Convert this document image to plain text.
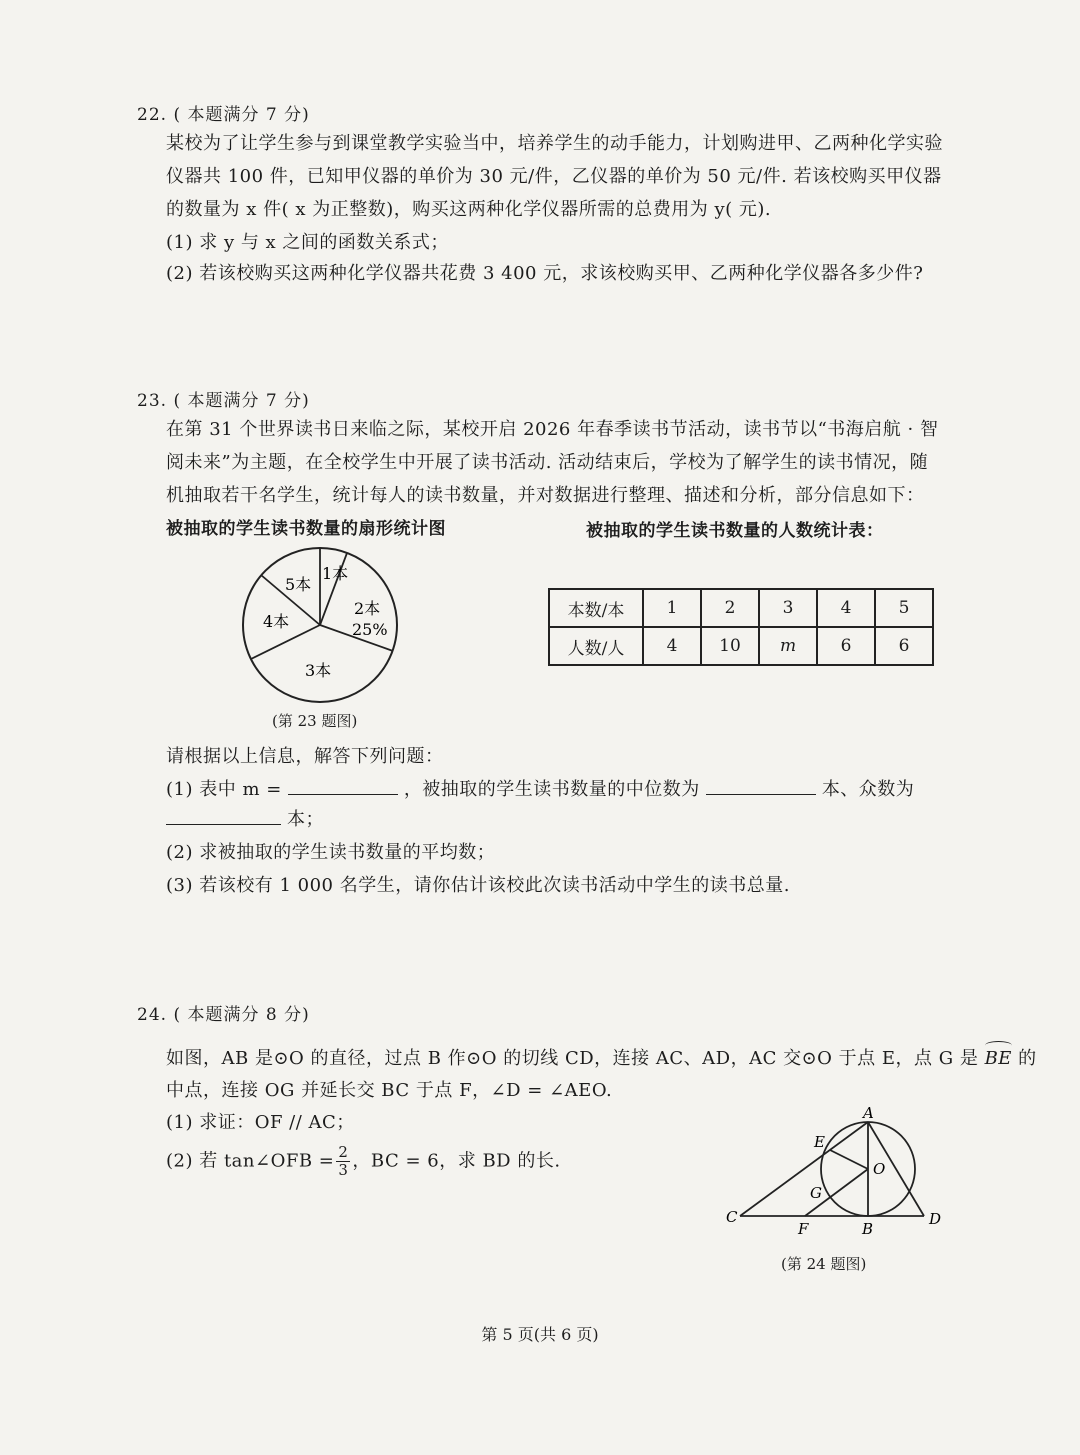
22. ( 本题满分 7 分)
某校为了让学生参与到课堂教学实验当中，培养学生的动手能力，计划购进甲、乙两种化学实验仪器共 100 件，已知甲仪器的单价为 30 元/件，乙仪器的单价为 50 元/件. 若该校购买甲仪器的数量为 x 件( x 为正整数)，购买这两种化学仪器所需的总费用为 y( 元).
(1) 求 y 与 x 之间的函数关系式；
(2) 若该校购买这两种化学仪器共花费 3 400 元，求该校购买甲、乙两种化学仪器各多少件?
23. ( 本题满分 7 分)
在第 31 个世界读书日来临之际，某校开启 2026 年春季读书节活动，读书节以“书海启航 · 智阅未来”为主题，在全校学生中开展了读书活动. 活动结束后，学校为了解学生的读书情况，随机抽取若干名学生，统计每人的读书数量，并对数据进行整理、描述和分析，部分信息如下：
被抽取的学生读书数量的扇形统计图	被抽取的学生读书数量的人数统计表：
1本
2本
25%
3本
4本
5本
本数/本	1	2	3	4	5
人数/人	4	10	m	6	6
(第 23 题图)
请根据以上信息，解答下列问题：
(1) 表中 m =	，被抽取的学生读书数量的中位数为	本、众数为
本；
(2) 求被抽取的学生读书数量的平均数；
(3) 若该校有 1 000 名学生，请你估计该校此次读书活动中学生的读书总量.
24. ( 本题满分 8 分)
如图，AB 是⊙O 的直径，过点 B 作⊙O 的切线 CD，连接 AC、AD，AC 交⊙O 于点 E，点 G 是 BE 的
中点，连接 OG 并延长交 BC 于点 F，∠D = ∠AEO.
(1) 求证：OF // AC；
(2) 若 tan∠OFB = $\frac{2}{3}$ ，BC = 6，求 BD 的长.
A
E
O
G
C
F	B
D
(第 24 题图)
第 5 页(共 6 页)
